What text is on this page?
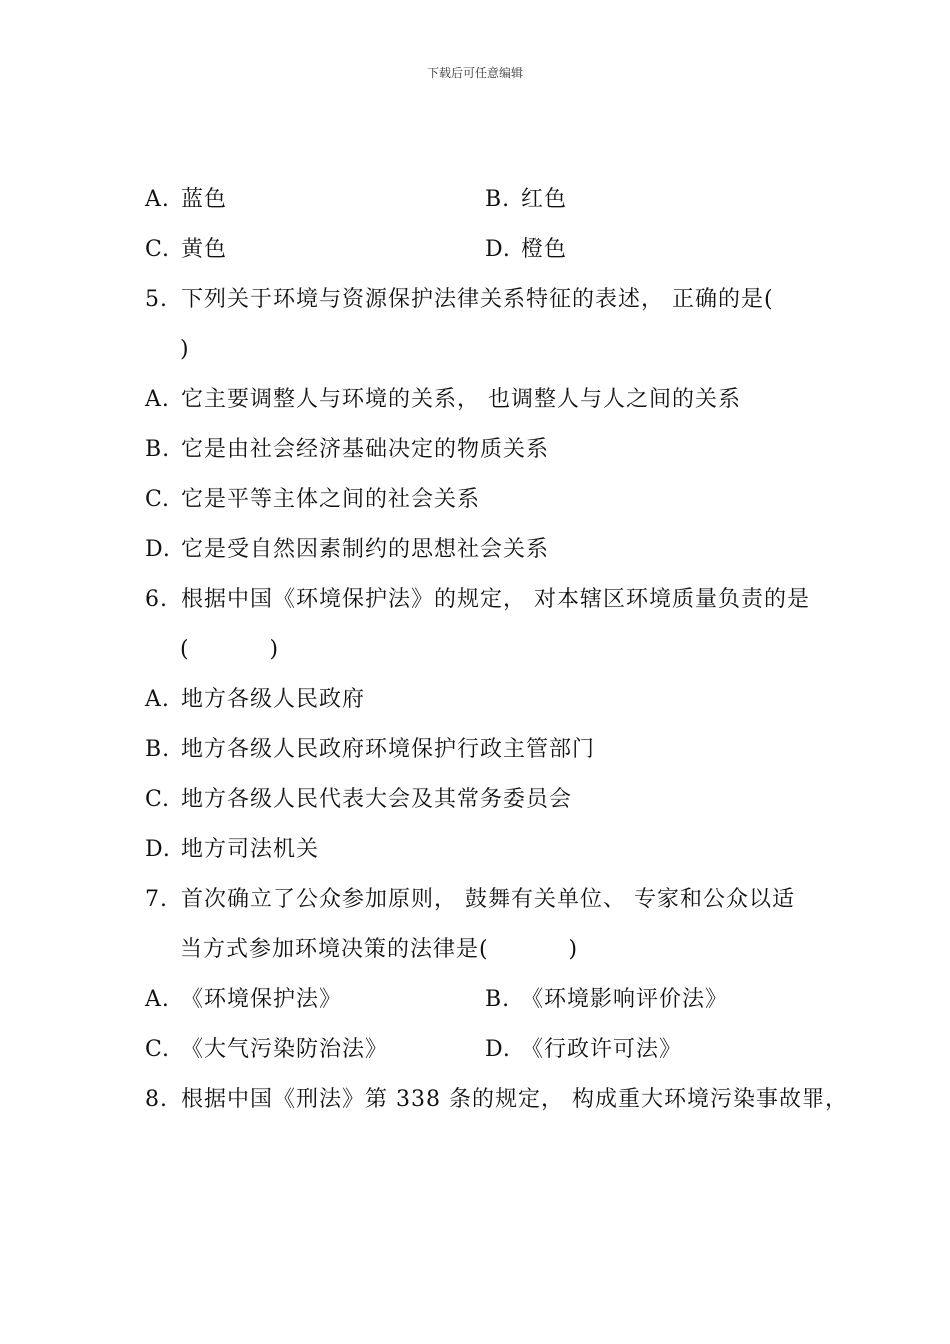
下载后可任意编辑
A. 蓝色	B. 红色
C. 黄色	D. 橙色
5. 下列关于环境与资源保护法律关系特征的表述， 正确的是(
)
A. 它主要调整人与环境的关系， 也调整人与人之间的关系
B. 它是由社会经济基础决定的物质关系
C. 它是平等主体之间的社会关系
D. 它是受自然因素制约的思想社会关系
6. 根据中国《环境保护法》的规定， 对本辖区环境质量负责的是
(          )
A. 地方各级人民政府
B. 地方各级人民政府环境保护行政主管部门
C. 地方各级人民代表大会及其常务委员会
D. 地方司法机关
7. 首次确立了公众参加原则， 鼓舞有关单位、 专家和公众以适
当方式参加环境决策的法律是(          )
A. 《环境保护法》	B. 《环境影响评价法》
C. 《大气污染防治法》	D. 《行政许可法》
8. 根据中国《刑法》第 338 条的规定， 构成重大环境污染事故罪，
